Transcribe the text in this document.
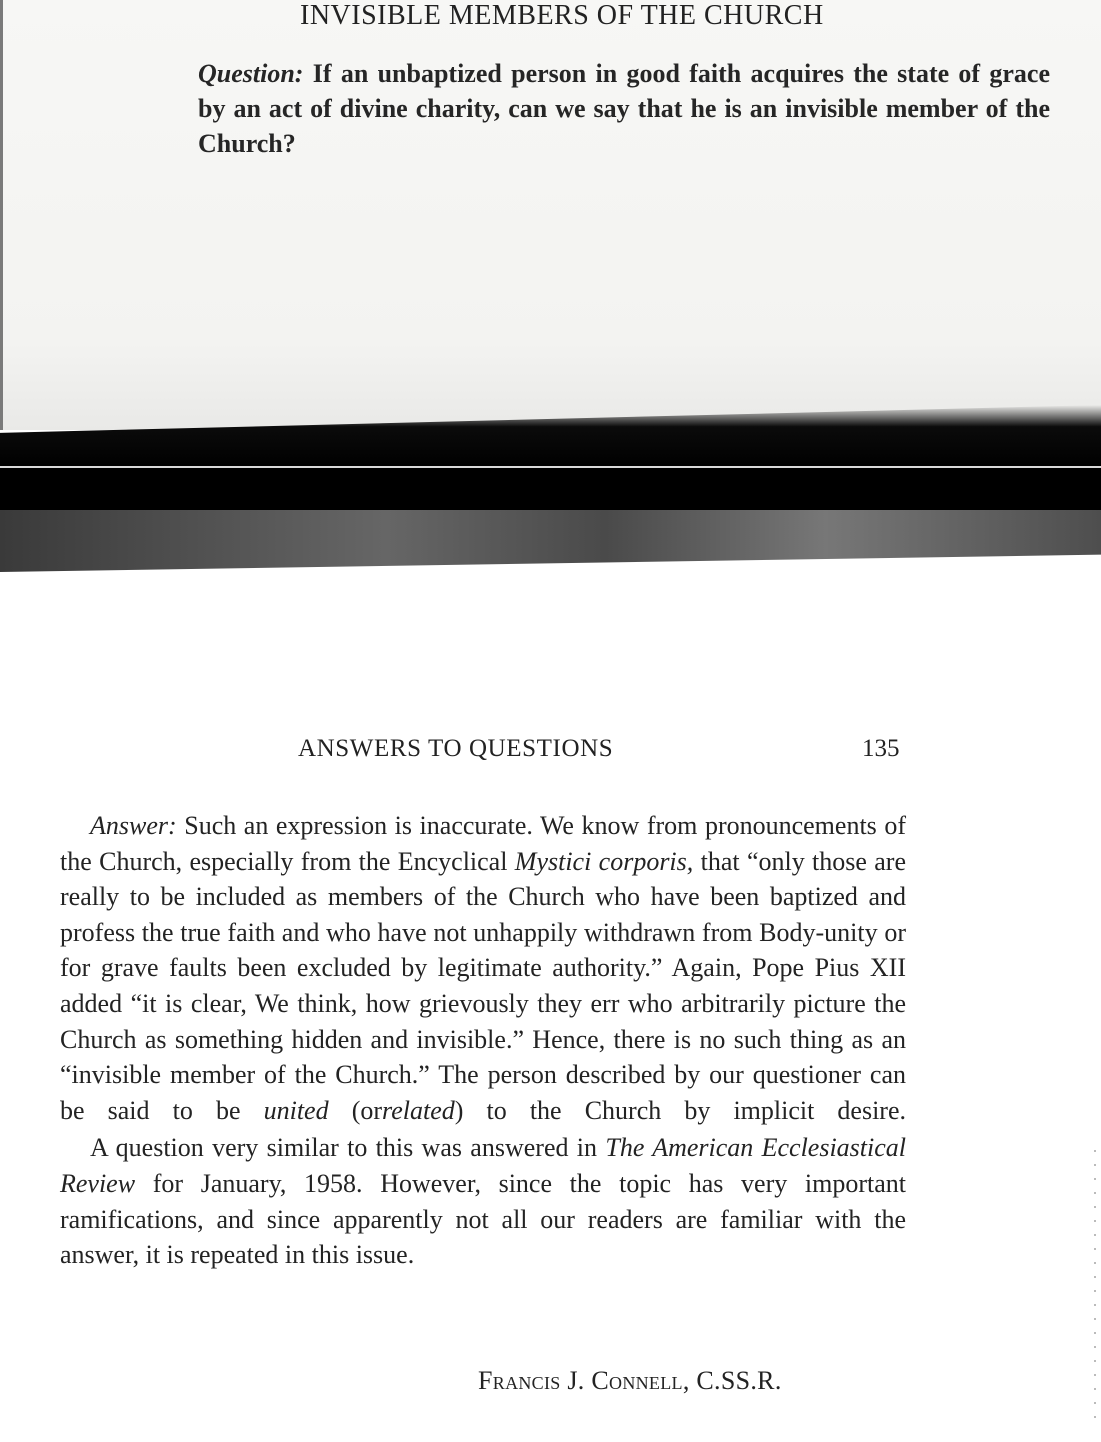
INVISIBLE MEMBERS OF THE CHURCH
Question: If an unbaptized person in good faith acquires the state of grace by an act of divine charity, can we say that he is an invisible member of the Church?
ANSWERS TO QUESTIONS	135

Answer: Such an expression is inaccurate. We know from pronouncements of the Church, especially from the Encyclical Mystici corporis, that “only those are really to be included as members of the Church who have been baptized and profess the true faith and who have not unhappily withdrawn from Body-unity or for grave faults been excluded by legitimate authority.” Again, Pope Pius XII added “it is clear, We think, how grievously they err who arbitrarily picture the Church as something hidden and invisible.” Hence, there is no such thing as an “invisible member of the Church.” The person described by our questioner can be said to be united (orrelated) to the Church by implicit desire.

A question very similar to this was answered in The American Ecclesiastical Review for January, 1958. However, since the topic has very important ramifications, and since apparently not all our readers are familiar with the answer, it is repeated in this issue.

Francis J. Connell, C.SS.R.
